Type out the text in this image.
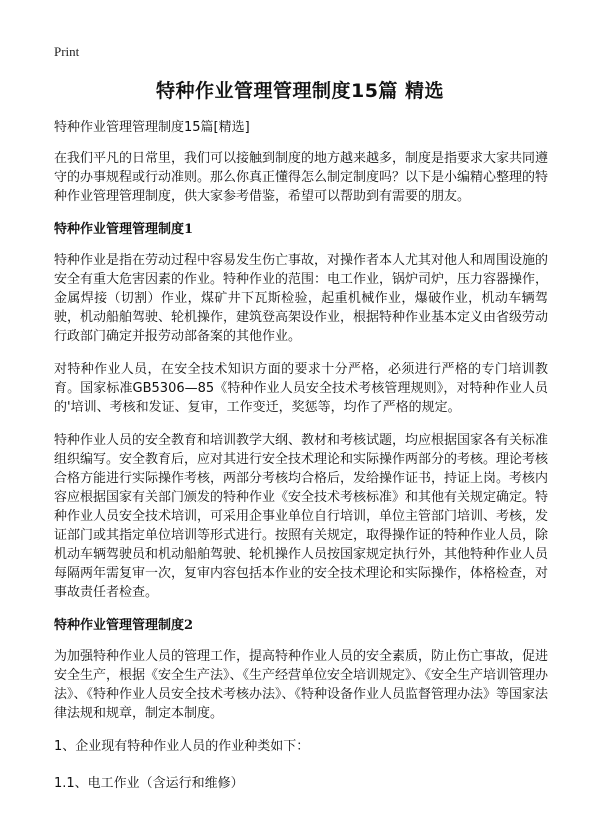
Print
特种作业管理管理制度15篇 精选

特种作业管理管理制度15篇[精选]

在我们平凡的日常里，我们可以接触到制度的地方越来越多，制度是指要求大家共同遵守的办事规程或行动准则。那么你真正懂得怎么制定制度吗？以下是小编精心整理的特种作业管理管理制度，供大家参考借鉴，希望可以帮助到有需要的朋友。

特种作业管理管理制度1

特种作业是指在劳动过程中容易发生伤亡事故，对操作者本人尤其对他人和周围设施的安全有重大危害因素的作业。特种作业的范围：电工作业，锅炉司炉，压力容器操作，金属焊接（切割）作业，煤矿井下瓦斯检验，起重机械作业，爆破作业，机动车辆驾驶，机动船舶驾驶、轮机操作，建筑登高架设作业，根据特种作业基本定义由省级劳动行政部门确定并报劳动部备案的其他作业。

对特种作业人员，在安全技术知识方面的要求十分严格，必须进行严格的专门培训教育。国家标准GB5306—85《特种作业人员安全技术考核管理规则》，对特种作业人员的'培训、考核和发证、复审，工作变迁，奖惩等，均作了严格的规定。

特种作业人员的安全教育和培训教学大纲、教材和考核试题，均应根据国家各有关标准组织编写。安全教育后，应对其进行安全技术理论和实际操作两部分的考核。理论考核合格方能进行实际操作考核，两部分考核均合格后，发给操作证书，持证上岗。考核内容应根据国家有关部门颁发的特种作业《安全技术考核标准》和其他有关规定确定。特种作业人员安全技术培训，可采用企事业单位自行培训，单位主管部门培训、考核，发证部门或其指定单位培训等形式进行。按照有关规定，取得操作证的特种作业人员，除机动车辆驾驶员和机动船舶驾驶、轮机操作人员按国家规定执行外，其他特种作业人员每隔两年需复审一次，复审内容包括本作业的安全技术理论和实际操作，体格检查，对事故责任者检查。

特种作业管理管理制度2

为加强特种作业人员的管理工作，提高特种作业人员的安全素质，防止伤亡事故，促进安全生产，根据《安全生产法》、《生产经营单位安全培训规定》、《安全生产培训管理办法》、《特种作业人员安全技术考核办法》、《特种设备作业人员监督管理办法》等国家法律法规和规章，制定本制度。

1、企业现有特种作业人员的作业种类如下：

1.1、电工作业（含运行和维修）
